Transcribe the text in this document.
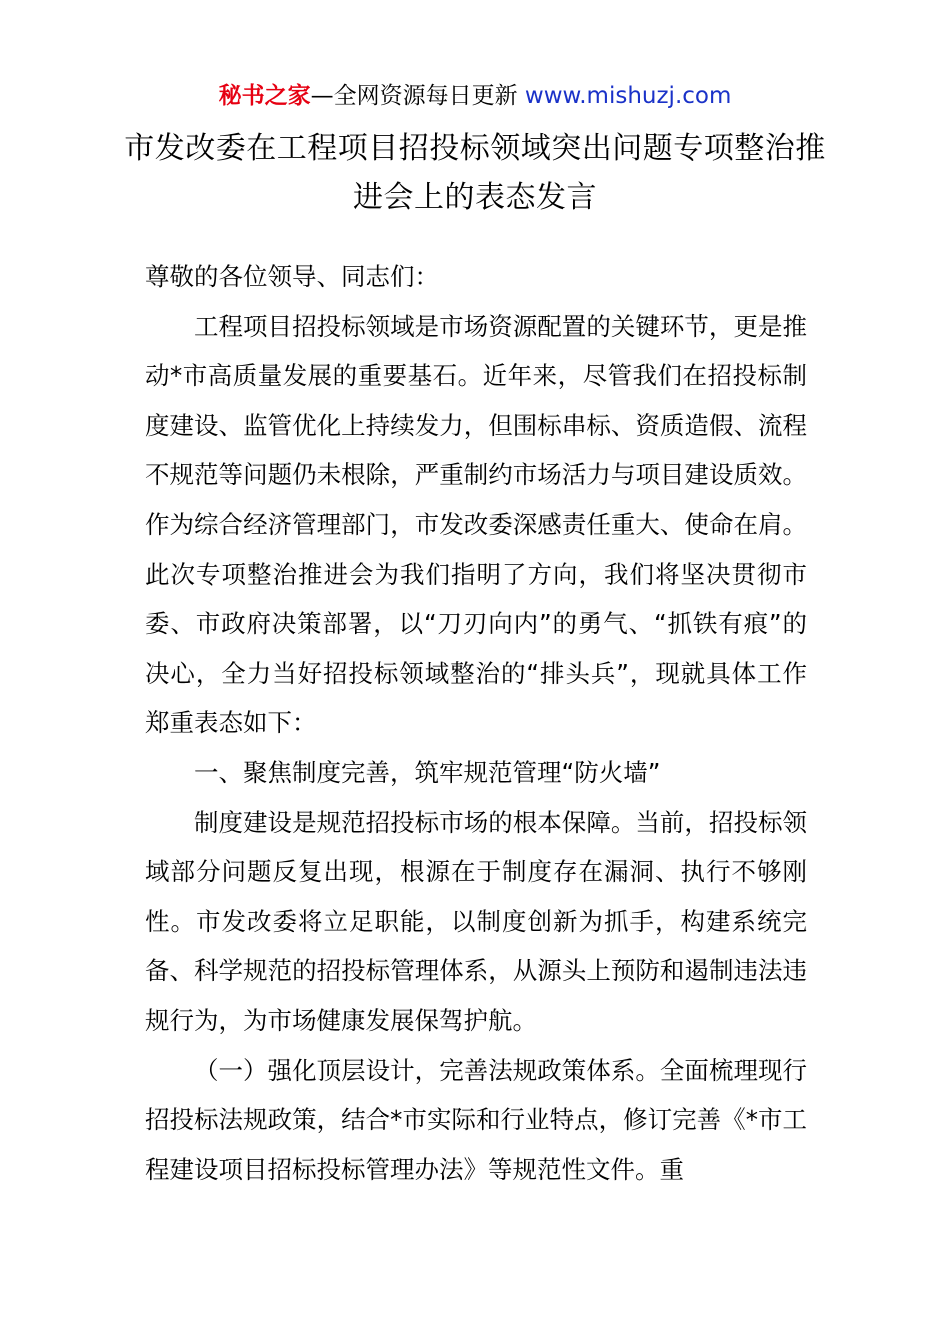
秘书之家—全网资源每日更新 www.mishuzj.com
市发改委在工程项目招投标领域突出问题专项整治推进会上的表态发言

尊敬的各位领导、同志们：

工程项目招投标领域是市场资源配置的关键环节，更是推动*市高质量发展的重要基石。近年来，尽管我们在招投标制度建设、监管优化上持续发力，但围标串标、资质造假、流程不规范等问题仍未根除，严重制约市场活力与项目建设质效。作为综合经济管理部门，市发改委深感责任重大、使命在肩。此次专项整治推进会为我们指明了方向，我们将坚决贯彻市委、市政府决策部署，以“刀刃向内”的勇气、“抓铁有痕”的决心，全力当好招投标领域整治的“排头兵”，现就具体工作郑重表态如下：

一、聚焦制度完善，筑牢规范管理“防火墙”

制度建设是规范招投标市场的根本保障。当前，招投标领域部分问题反复出现，根源在于制度存在漏洞、执行不够刚性。市发改委将立足职能，以制度创新为抓手，构建系统完备、科学规范的招投标管理体系，从源头上预防和遏制违法违规行为，为市场健康发展保驾护航。

（一）强化顶层设计，完善法规政策体系。全面梳理现行招投标法规政策，结合*市实际和行业特点，修订完善《*市工程建设项目招标投标管理办法》等规范性文件。重
